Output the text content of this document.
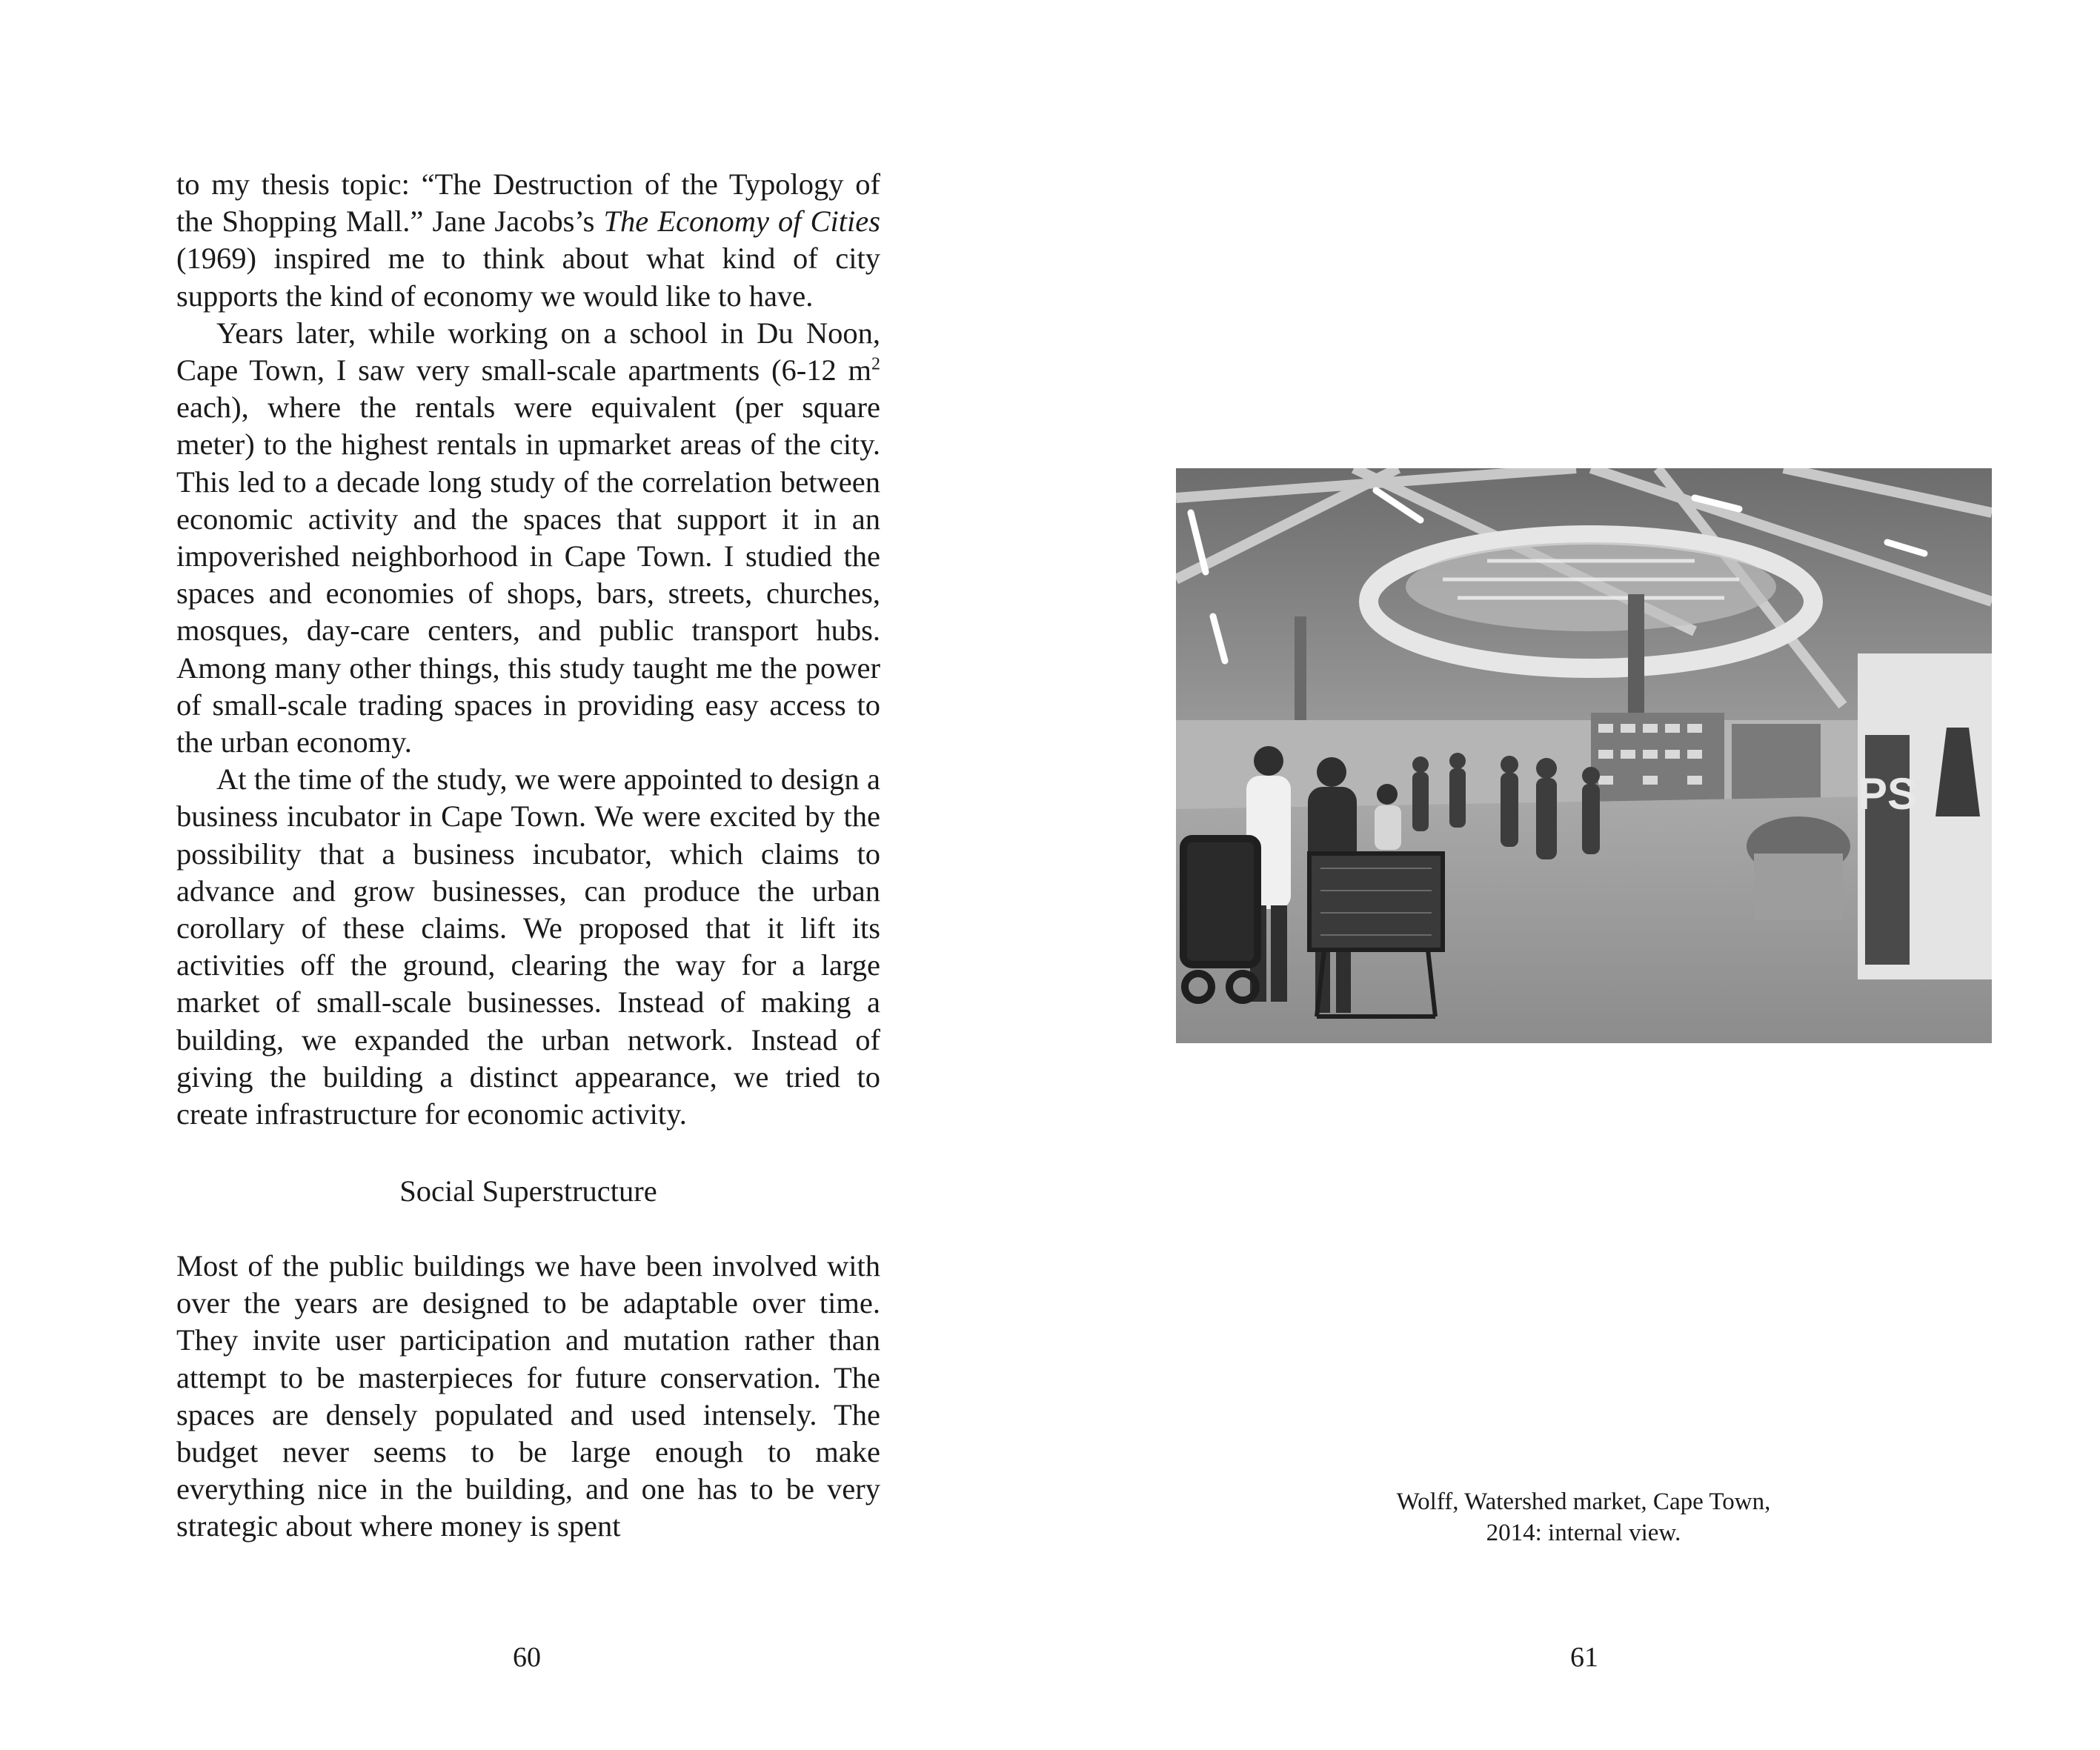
to my thesis topic: “The Destruction of the Typology of the Shopping Mall.” Jane Jacobs’s The Economy of Cities (1969) inspired me to think about what kind of city supports the kind of economy we would like to have.

Years later, while working on a school in Du Noon, Cape Town, I saw very small-scale apartments (6-12 $m^2$ each), where the rentals were equivalent (per square meter) to the highest rentals in upmarket areas of the city. This led to a decade long study of the correlation between economic activity and the spaces that support it in an impoverished neighborhood in Cape Town. I studied the spaces and economies of shops, bars, streets, churches, mosques, day-care centers, and public transport hubs. Among many other things, this study taught me the power of small-scale trading spaces in providing easy access to the urban economy.

At the time of the study, we were appointed to design a business incubator in Cape Town. We were excited by the possibility that a business incubator, which claims to advance and grow businesses, can produce the urban corollary of these claims. We proposed that it lift its activities off the ground, clearing the way for a large market of small-scale businesses. Instead of making a building, we expanded the urban network. Instead of giving the building a distinct appearance, we tried to create infrastructure for economic activity.

Social Superstructure

Most of the public buildings we have been involved with over the years are designed to be adaptable over time. They invite user participation and mutation rather than attempt to be masterpieces for future conservation. The spaces are densely populated and used intensely. The budget never seems to be large enough to make everything nice in the building, and one has to be very strategic about where money is spent

60
PS
Wolff, Watershed market, Cape Town,
2014: internal view.
61
